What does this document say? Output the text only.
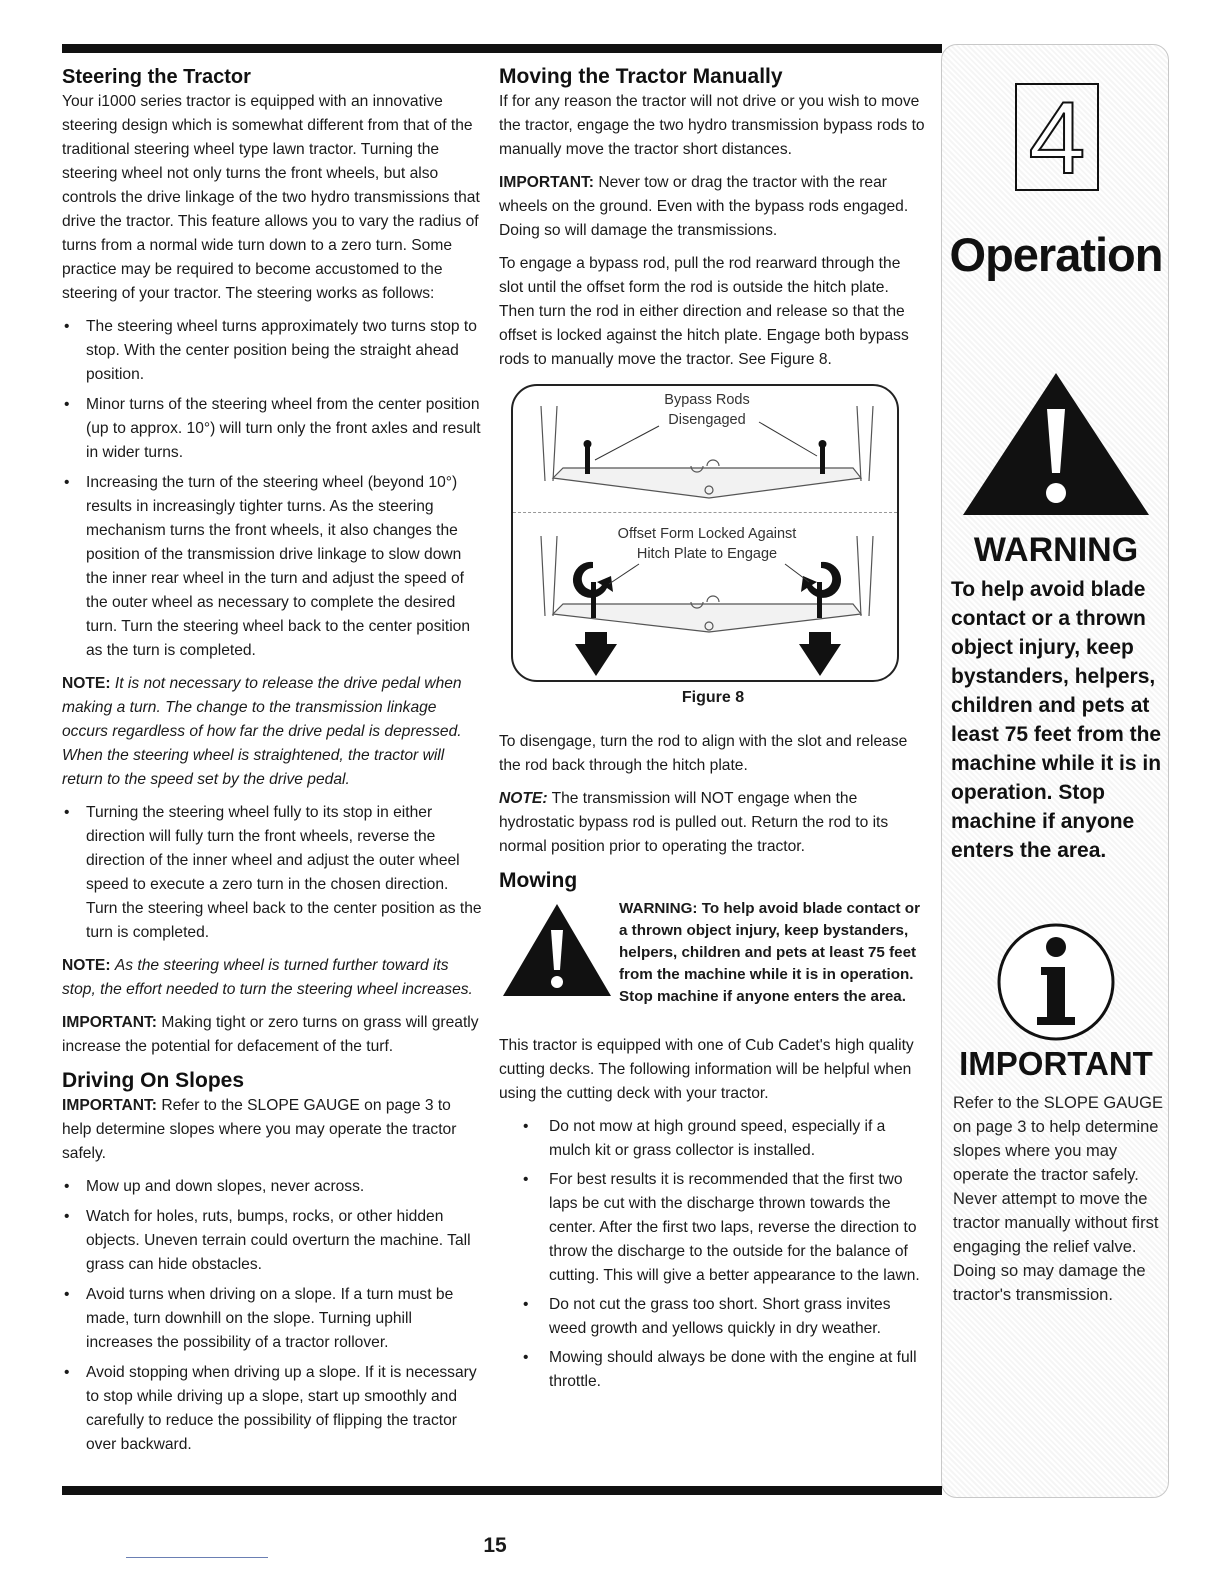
Steering the Tractor

Your i1000 series tractor is equipped with an innovative steering design which is somewhat different from that of the traditional steering wheel type lawn tractor. Turning the steering wheel not only turns the front wheels, but also controls the drive linkage of the two hydro transmissions that drive the tractor. This feature allows you to vary the radius of turns from a normal wide turn down to a zero turn. Some practice may be required to become accustomed to the steering of your tractor. The steering works as follows:

• The steering wheel turns approximately two turns stop to stop. With the center position being the straight ahead position.
• Minor turns of the steering wheel from the center position (up to approx. 10°) will turn only the front axles and result in wider turns.
• Increasing the turn of the steering wheel (beyond 10°) results in increasingly tighter turns. As the steering mechanism turns the front wheels, it also changes the position of the transmission drive linkage to slow down the inner rear wheel in the turn and adjust the speed of the outer wheel as necessary to complete the desired turn. Turn the steering wheel back to the center position as the turn is completed.

NOTE: It is not necessary to release the drive pedal when making a turn. The change to the transmission linkage occurs regardless of how far the drive pedal is depressed. When the steering wheel is straightened, the tractor will return to the speed set by the drive pedal.

• Turning the steering wheel fully to its stop in either direction will fully turn the front wheels, reverse the direction of the inner wheel and adjust the outer wheel speed to execute a zero turn in the chosen direction. Turn the steering wheel back to the center position as the turn is completed.

NOTE: As the steering wheel is turned further toward its stop, the effort needed to turn the steering wheel increases.

IMPORTANT: Making tight or zero turns on grass will greatly increase the potential for defacement of the turf.

Driving On Slopes

IMPORTANT: Refer to the SLOPE GAUGE on page 3 to help determine slopes where you may operate the tractor safely.

• Mow up and down slopes, never across.
• Watch for holes, ruts, bumps, rocks, or other hidden objects. Uneven terrain could overturn the machine. Tall grass can hide obstacles.
• Avoid turns when driving on a slope. If a turn must be made, turn downhill on the slope. Turning uphill increases the possibility of a tractor rollover.
• Avoid stopping when driving up a slope. If it is necessary to stop while driving up a slope, start up smoothly and carefully to reduce the possibility of flipping the tractor over backward.
Moving the Tractor Manually

If for any reason the tractor will not drive or you wish to move the tractor, engage the two hydro transmission bypass rods to manually move the tractor short distances.

IMPORTANT: Never tow or drag the tractor with the rear wheels on the ground. Even with the bypass rods engaged. Doing so will damage the transmissions.

To engage a bypass rod, pull the rod rearward through the slot until the offset form the rod is outside the hitch plate. Then turn the rod in either direction and release so that the offset is locked against the hitch plate. Engage both bypass rods to manually move the tractor. See Figure 8.

Bypass Rods
Disengaged
Offset Form Locked Against
Hitch Plate to Engage
Figure 8

To disengage, turn the rod to align with the slot and release the rod back through the hitch plate.

NOTE: The transmission will NOT engage when the hydrostatic bypass rod is pulled out. Return the rod to its normal position prior to operating the tractor.

Mowing
WARNING: To help avoid blade contact or a thrown object injury, keep bystanders, helpers, children and pets at least 75 feet from the machine while it is in operation. Stop machine if anyone enters the area.

This tractor is equipped with one of Cub Cadet's high quality cutting decks. The following information will be helpful when using the cutting deck with your tractor.

• Do not mow at high ground speed, especially if a mulch kit or grass collector is installed.
• For best results it is recommended that the first two laps be cut with the discharge thrown towards the center. After the first two laps, reverse the direction to throw the discharge to the outside for the balance of cutting. This will give a better appearance to the lawn.
• Do not cut the grass too short. Short grass invites weed growth and yellows quickly in dry weather.
• Mowing should always be done with the engine at full throttle.
4
Operation
WARNING
To help avoid blade contact or a thrown object injury, keep bystanders, helpers, children and pets at least 75 feet from the machine while it is in operation. Stop machine if anyone enters the area.
IMPORTANT
Refer to the SLOPE GAUGE on page 3 to help determine slopes where you may operate the tractor safely. Never attempt to move the tractor manually without first engaging the relief valve. Doing so may damage the tractor's transmission.
15
